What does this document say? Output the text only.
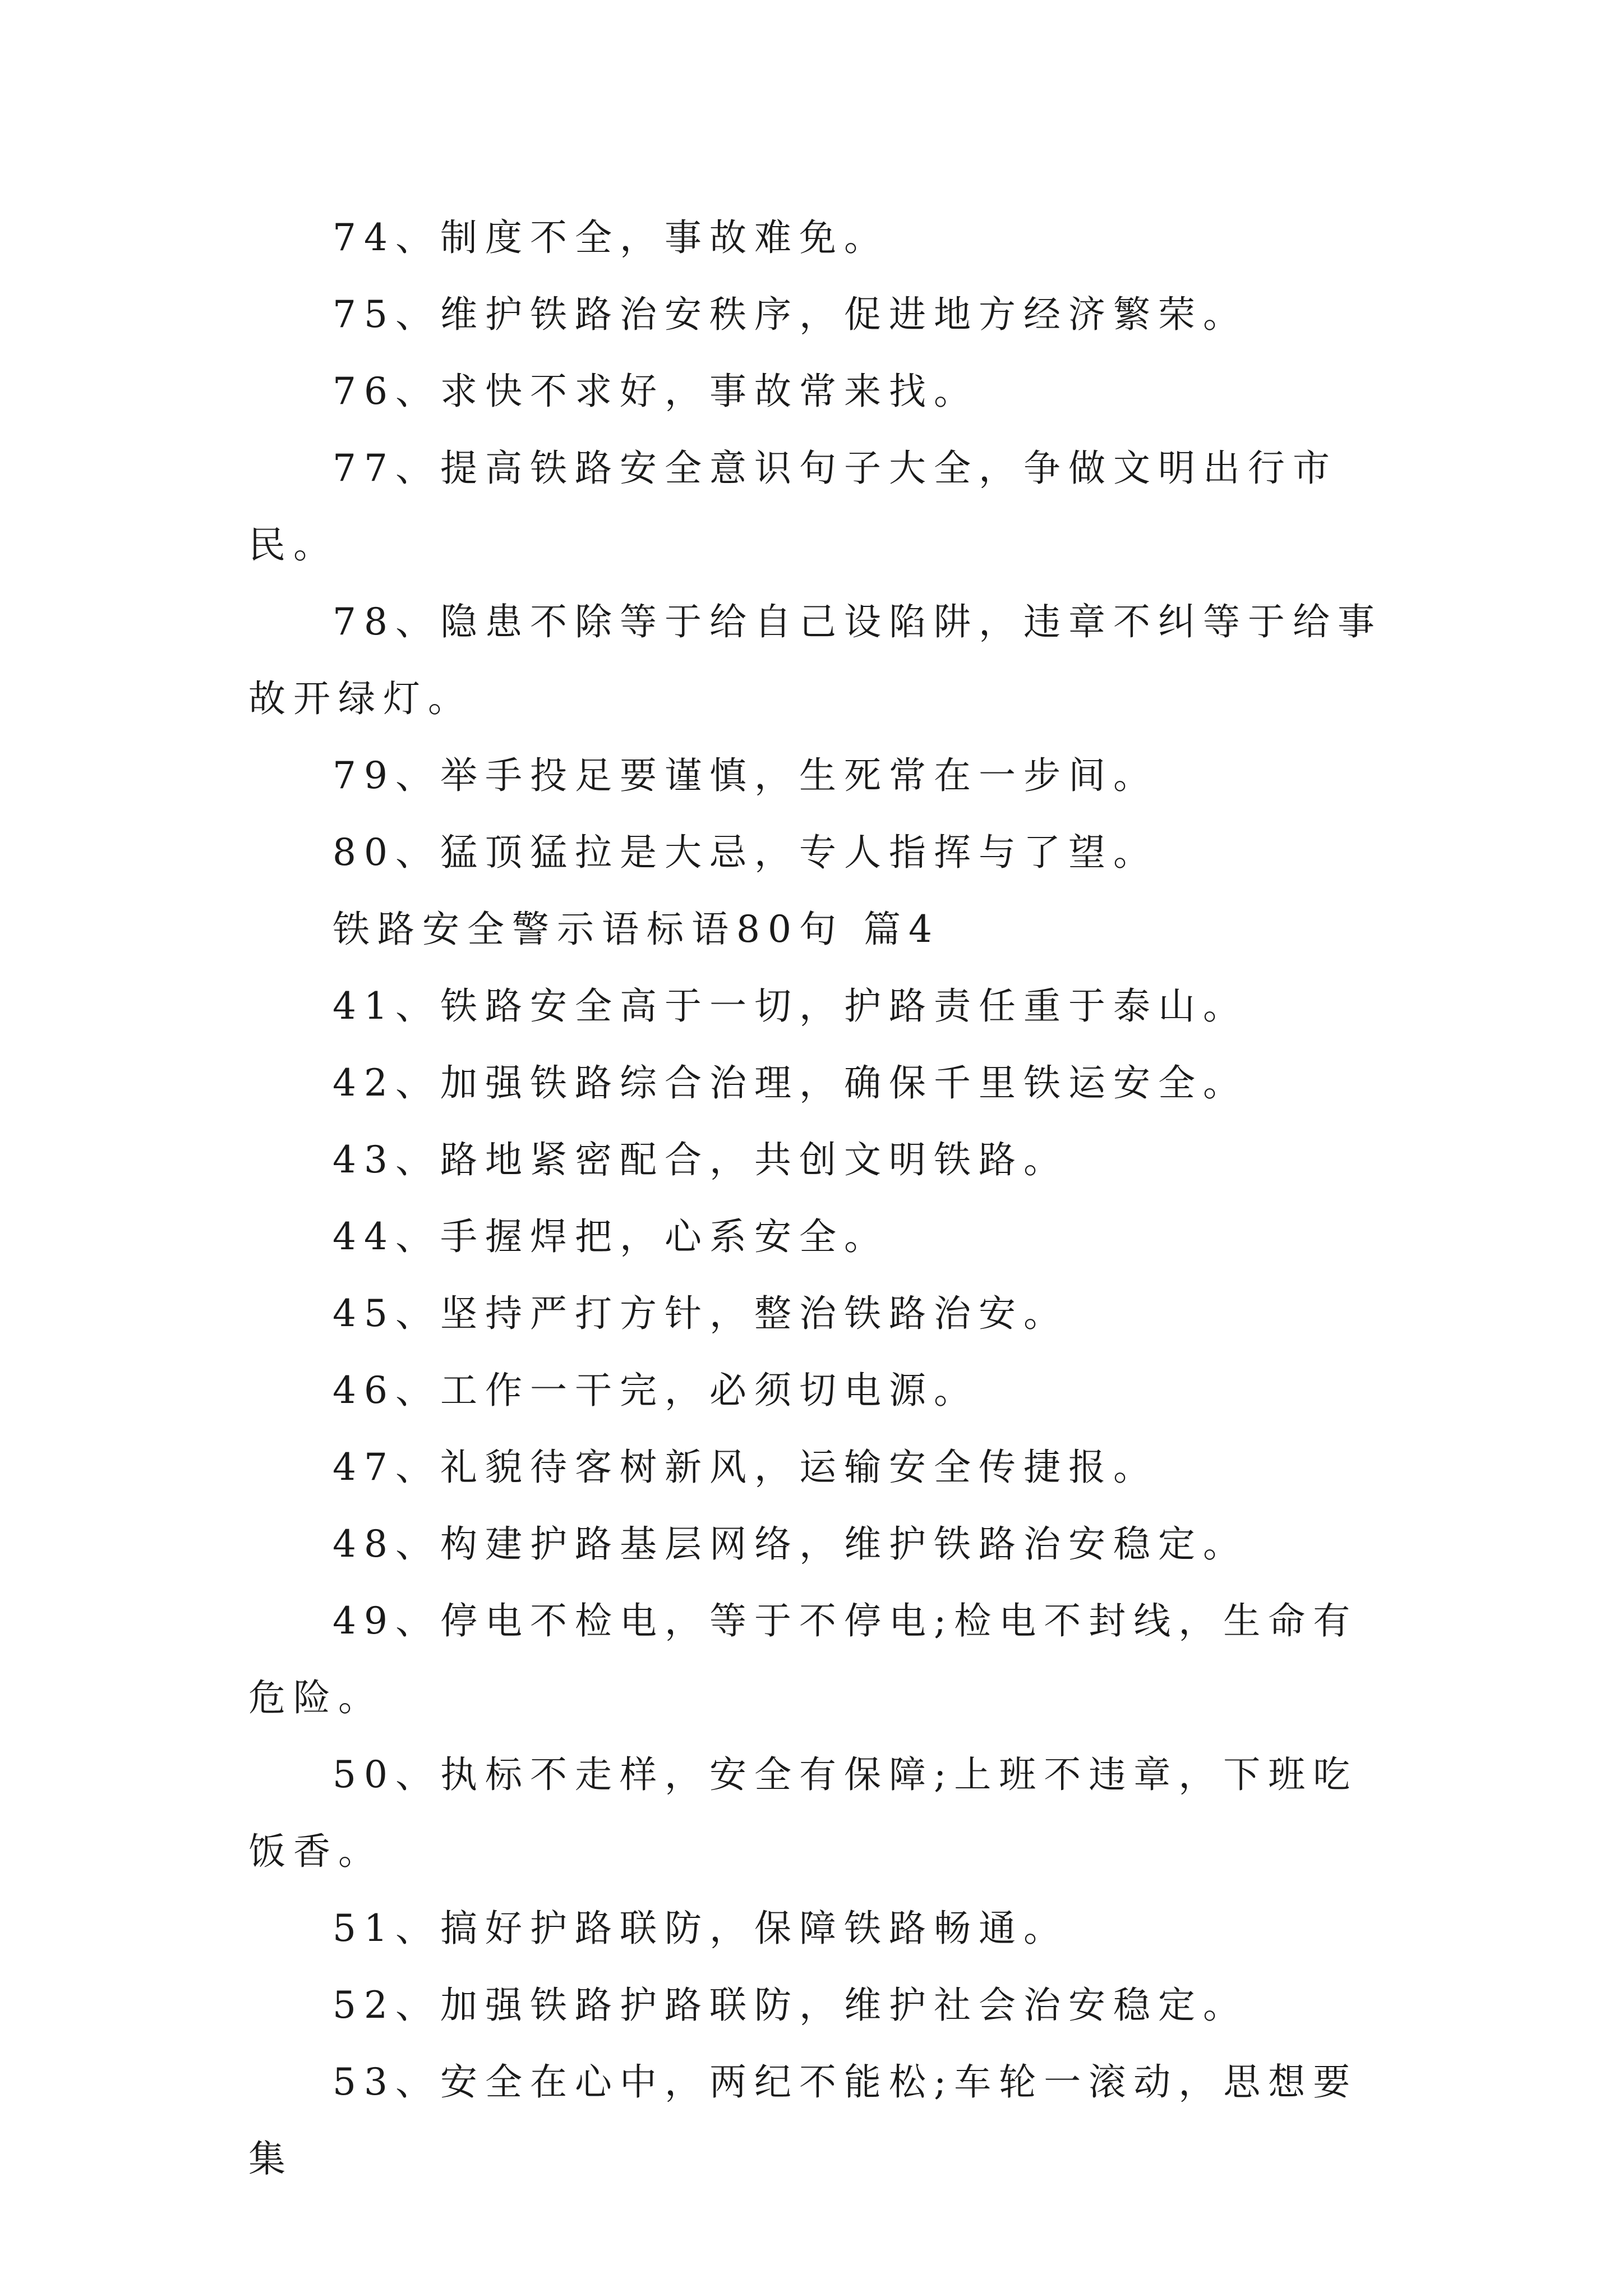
74、制度不全，事故难免。

75、维护铁路治安秩序，促进地方经济繁荣。

76、求快不求好，事故常来找。

77、提高铁路安全意识句子大全，争做文明出行市民。

78、隐患不除等于给自己设陷阱，违章不纠等于给事故开绿灯。

79、举手投足要谨慎，生死常在一步间。

80、猛顶猛拉是大忌，专人指挥与了望。

铁路安全警示语标语80句 篇4

41、铁路安全高于一切，护路责任重于泰山。

42、加强铁路综合治理，确保千里铁运安全。

43、路地紧密配合，共创文明铁路。

44、手握焊把，心系安全。

45、坚持严打方针，整治铁路治安。

46、工作一干完，必须切电源。

47、礼貌待客树新风，运输安全传捷报。

48、构建护路基层网络，维护铁路治安稳定。

49、停电不检电，等于不停电;检电不封线，生命有危险。

50、执标不走样，安全有保障;上班不违章，下班吃饭香。

51、搞好护路联防，保障铁路畅通。

52、加强铁路护路联防，维护社会治安稳定。

53、安全在心中，两纪不能松;车轮一滚动，思想要集
